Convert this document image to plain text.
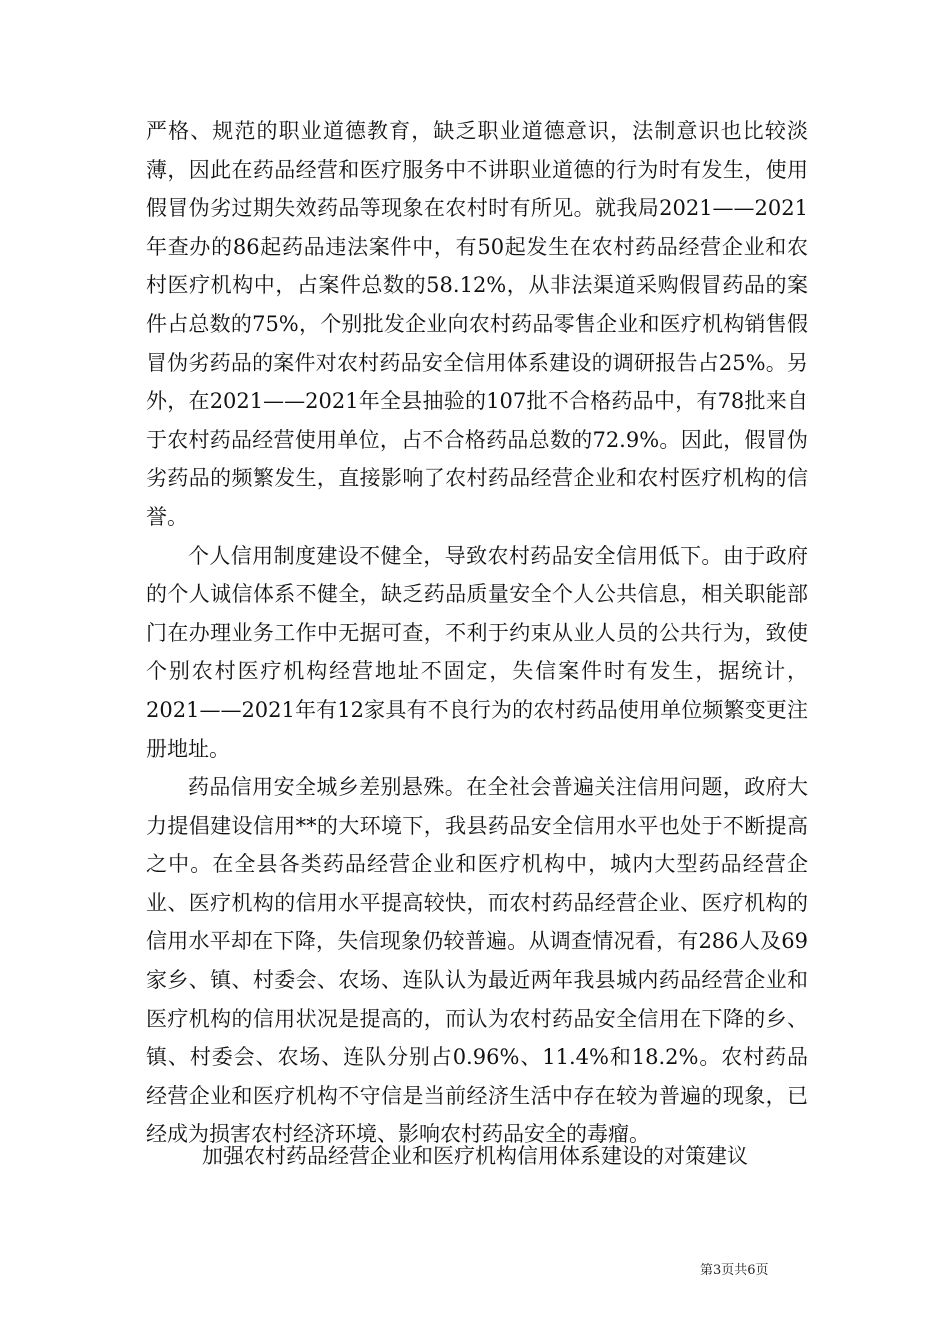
严格、规范的职业道德教育，缺乏职业道德意识，法制意识也比较淡薄，因此在药品经营和医疗服务中不讲职业道德的行为时有发生，使用假冒伪劣过期失效药品等现象在农村时有所见。就我局2021——2021年查办的86起药品违法案件中，有50起发生在农村药品经营企业和农村医疗机构中，占案件总数的58.12%，从非法渠道采购假冒药品的案件占总数的75%，个别批发企业向农村药品零售企业和医疗机构销售假冒伪劣药品的案件对农村药品安全信用体系建设的调研报告占25%。另外，在2021——2021年全县抽验的107批不合格药品中，有78批来自于农村药品经营使用单位，占不合格药品总数的72.9%。因此，假冒伪劣药品的频繁发生，直接影响了农村药品经营企业和农村医疗机构的信誉。

个人信用制度建设不健全，导致农村药品安全信用低下。由于政府的个人诚信体系不健全，缺乏药品质量安全个人公共信息，相关职能部门在办理业务工作中无据可查，不利于约束从业人员的公共行为，致使个别农村医疗机构经营地址不固定，失信案件时有发生，据统计，2021——2021年有12家具有不良行为的农村药品使用单位频繁变更注册地址。

药品信用安全城乡差别悬殊。在全社会普遍关注信用问题，政府大力提倡建设信用**的大环境下，我县药品安全信用水平也处于不断提高之中。在全县各类药品经营企业和医疗机构中，城内大型药品经营企业、医疗机构的信用水平提高较快，而农村药品经营企业、医疗机构的信用水平却在下降，失信现象仍较普遍。从调查情况看，有286人及69家乡、镇、村委会、农场、连队认为最近两年我县城内药品经营企业和医疗机构的信用状况是提高的，而认为农村药品安全信用在下降的乡、镇、村委会、农场、连队分别占0.96%、11.4%和18.2%。农村药品经营企业和医疗机构不守信是当前经济生活中存在较为普遍的现象，已经成为损害农村经济环境、影响农村药品安全的毒瘤。

加强农村药品经营企业和医疗机构信用体系建设的对策建议

第3页共6页
